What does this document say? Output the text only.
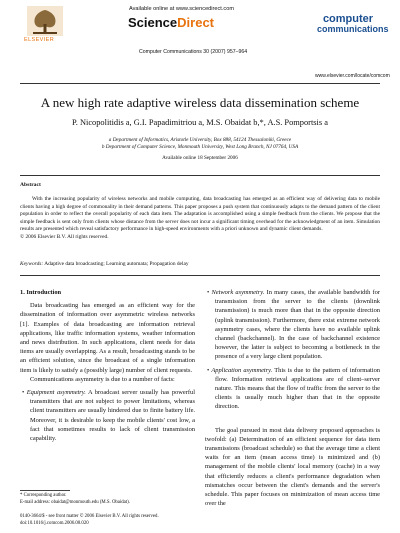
ELSEVIER
Available online at www.sciencedirect.com
ScienceDirect
Computer Communications 30 (2007) 957–964
computer
communications
www.elsevier.com/locate/comcom
A new high rate adaptive wireless data dissemination scheme
P. Nicopolitidis a, G.I. Papadimitriou a, M.S. Obaidat b,*, A.S. Pomportsis a
a Department of Informatics, Aristotle University, Box 888, 54124 Thessaloniki, Greece
b Department of Computer Science, Monmouth University, West Long Branch, NJ 07764, USA
Available online 18 September 2006
Abstract
With the increasing popularity of wireless networks and mobile computing, data broadcasting has emerged as an efficient way of delivering data to mobile clients having a high degree of commonality in their demand patterns. This paper proposes a push system that continuously adapts to the demand pattern of the client population in order to reflect the overall popularity of each data item. The adaptation is accomplished using a simple feedback from the clients. We propose that the simple feedback is sent only from clients whose distance from the server does not incur a significant timing overhead for the acknowledgment of an item. Simulation results are presented which reveal satisfactory performance in high-speed environments with a priori unknown and dynamic client demands.
© 2006 Elsevier B.V. All rights reserved.
Keywords: Adaptive data broadcasting; Learning automata; Propagation delay
1. Introduction

Data broadcasting has emerged as an efficient way for the dissemination of information over asymmetric wireless networks [1]. Examples of data broadcasting are information retrieval applications, like traffic information systems, weather information and news distribution. In such applications, client needs for data items are usually overlapping. As a result, broadcasting stands to be an efficient solution, since the broadcast of a single information item is likely to satisfy a (possibly large) number of client requests.

Communications asymmetry is due to a number of facts:

• Equipment asymmetry. A broadcast server usually has powerful transmitters that are not subject to power limitations, whereas client transmitters are usually hindered due to finite battery life. Moreover, it is desirable to keep the mobile clients' cost low, a fact that sometimes results to lack of client transmission capability.
• Network asymmetry. In many cases, the available bandwidth for transmission from the server to the clients (downlink transmission) is much more than that in the opposite direction (uplink transmission). Furthermore, there exist extreme network asymmetry cases, where the clients have no available uplink channel (backchannel). In the case of backchannel existence however, the latter is subject to becoming a bottleneck in the presence of a very large client population.
• Application asymmetry. This is due to the pattern of information flow. Information retrieval applications are of client–server nature. This means that the flow of traffic from the server to the clients is usually much higher than that in the opposite direction.

The goal pursued in most data delivery proposed approaches is twofold: (a) Determination of an efficient sequence for data item transmissions (broadcast schedule) so that the average time a client waits for an item (mean access time) is minimized and (b) management of the mobile clients' local memory (cache) in a way that efficiently reduces a client's performance degradation when mismatches occur between the client's demands and the server's schedule. This paper focuses on minimization of mean access time over the

* Corresponding author.
E-mail address: obaidat@monmouth.edu (M.S. Obaidat).
0140-3664/$ - see front matter © 2006 Elsevier B.V. All rights reserved.
doi:10.1016/j.comcom.2006.08.020
